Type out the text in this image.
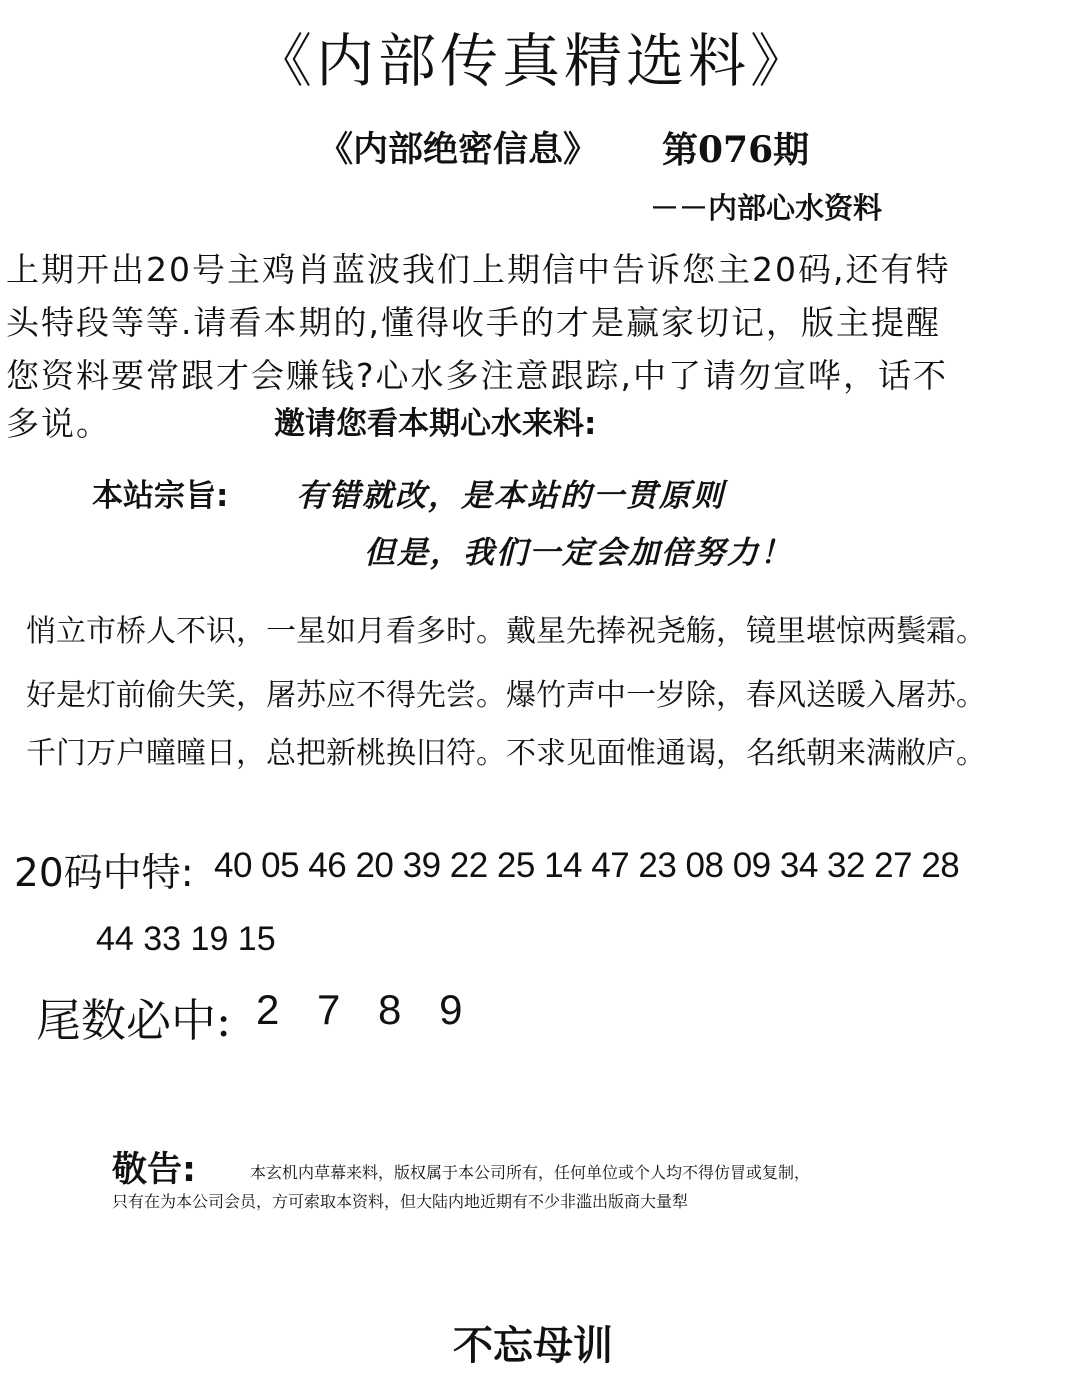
《内部传真精选料》
《内部绝密信息》 第076期
－－内部心水资料
上期开出20号主鸡肖蓝波我们上期信中告诉您主20码,还有特
头特段等等.请看本期的,懂得收手的才是赢家切记，版主提醒
您资料要常跟才会赚钱?心水多注意跟踪,中了请勿宣哗，话不
多说。	邀请您看本期心水来料:
本站宗旨: 有错就改，是本站的一贯原则
但是，我们一定会加倍努力！
悄立市桥人不识，一星如月看多时。戴星先捧祝尧觞，镜里堪惊两鬓霜。
好是灯前偷失笑，屠苏应不得先尝。爆竹声中一岁除，春风送暖入屠苏。
千门万户曈曈日，总把新桃换旧符。不求见面惟通谒，名纸朝来满敝庐。
20码中特: 40 05 46 20 39 22 25 14 47 23 08 09 34 32 27 28
44 33 19 15
尾数必中: 2 7 8 9
敬告:	本玄机内草幕来料，版权属于本公司所有，任何单位或个人均不得仿冒或复制，
只有在为本公司会员，方可索取本资料，但大陆内地近期有不少非滥出版商大量犁
不忘母训
